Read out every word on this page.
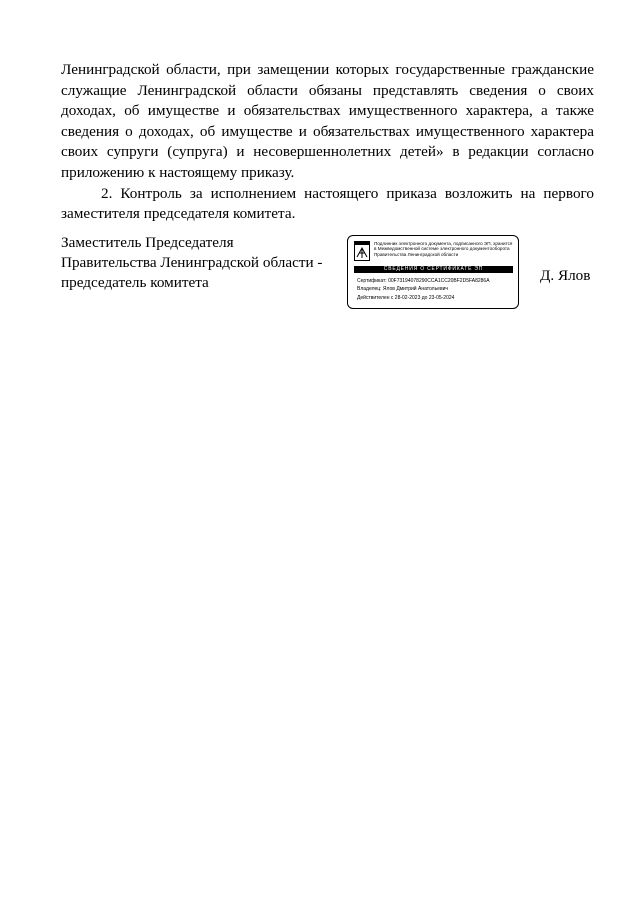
Ленинградской области, при замещении которых государственные гражданские служащие Ленинградской области обязаны представлять сведения о своих доходах, об имуществе и обязательствах имущественного характера, а также сведения о доходах, об имуществе и обязательствах имущественного характера своих супруги (супруга) и несовершеннолетних детей» в редакции согласно приложению к настоящему приказу.

2. Контроль за исполнением настоящего приказа возложить на первого заместителя председателя комитета.

Заместитель Председателя
Правительства Ленинградской области -
председатель комитета
Подлинник электронного документа, подписанного ЭП, хранится в Межведомственной системе электронного документооборота Правительства Ленинградской области
СВЕДЕНИЯ О СЕРТИФИКАТЕ ЭП
Сертификат: 00F73194078290CCA1CC20BF2D5FA8286A
Владелец: Ялов Дмитрий Анатольевич
Действителен с 28-02-2023 до 23-05-2024
Д. Ялов
